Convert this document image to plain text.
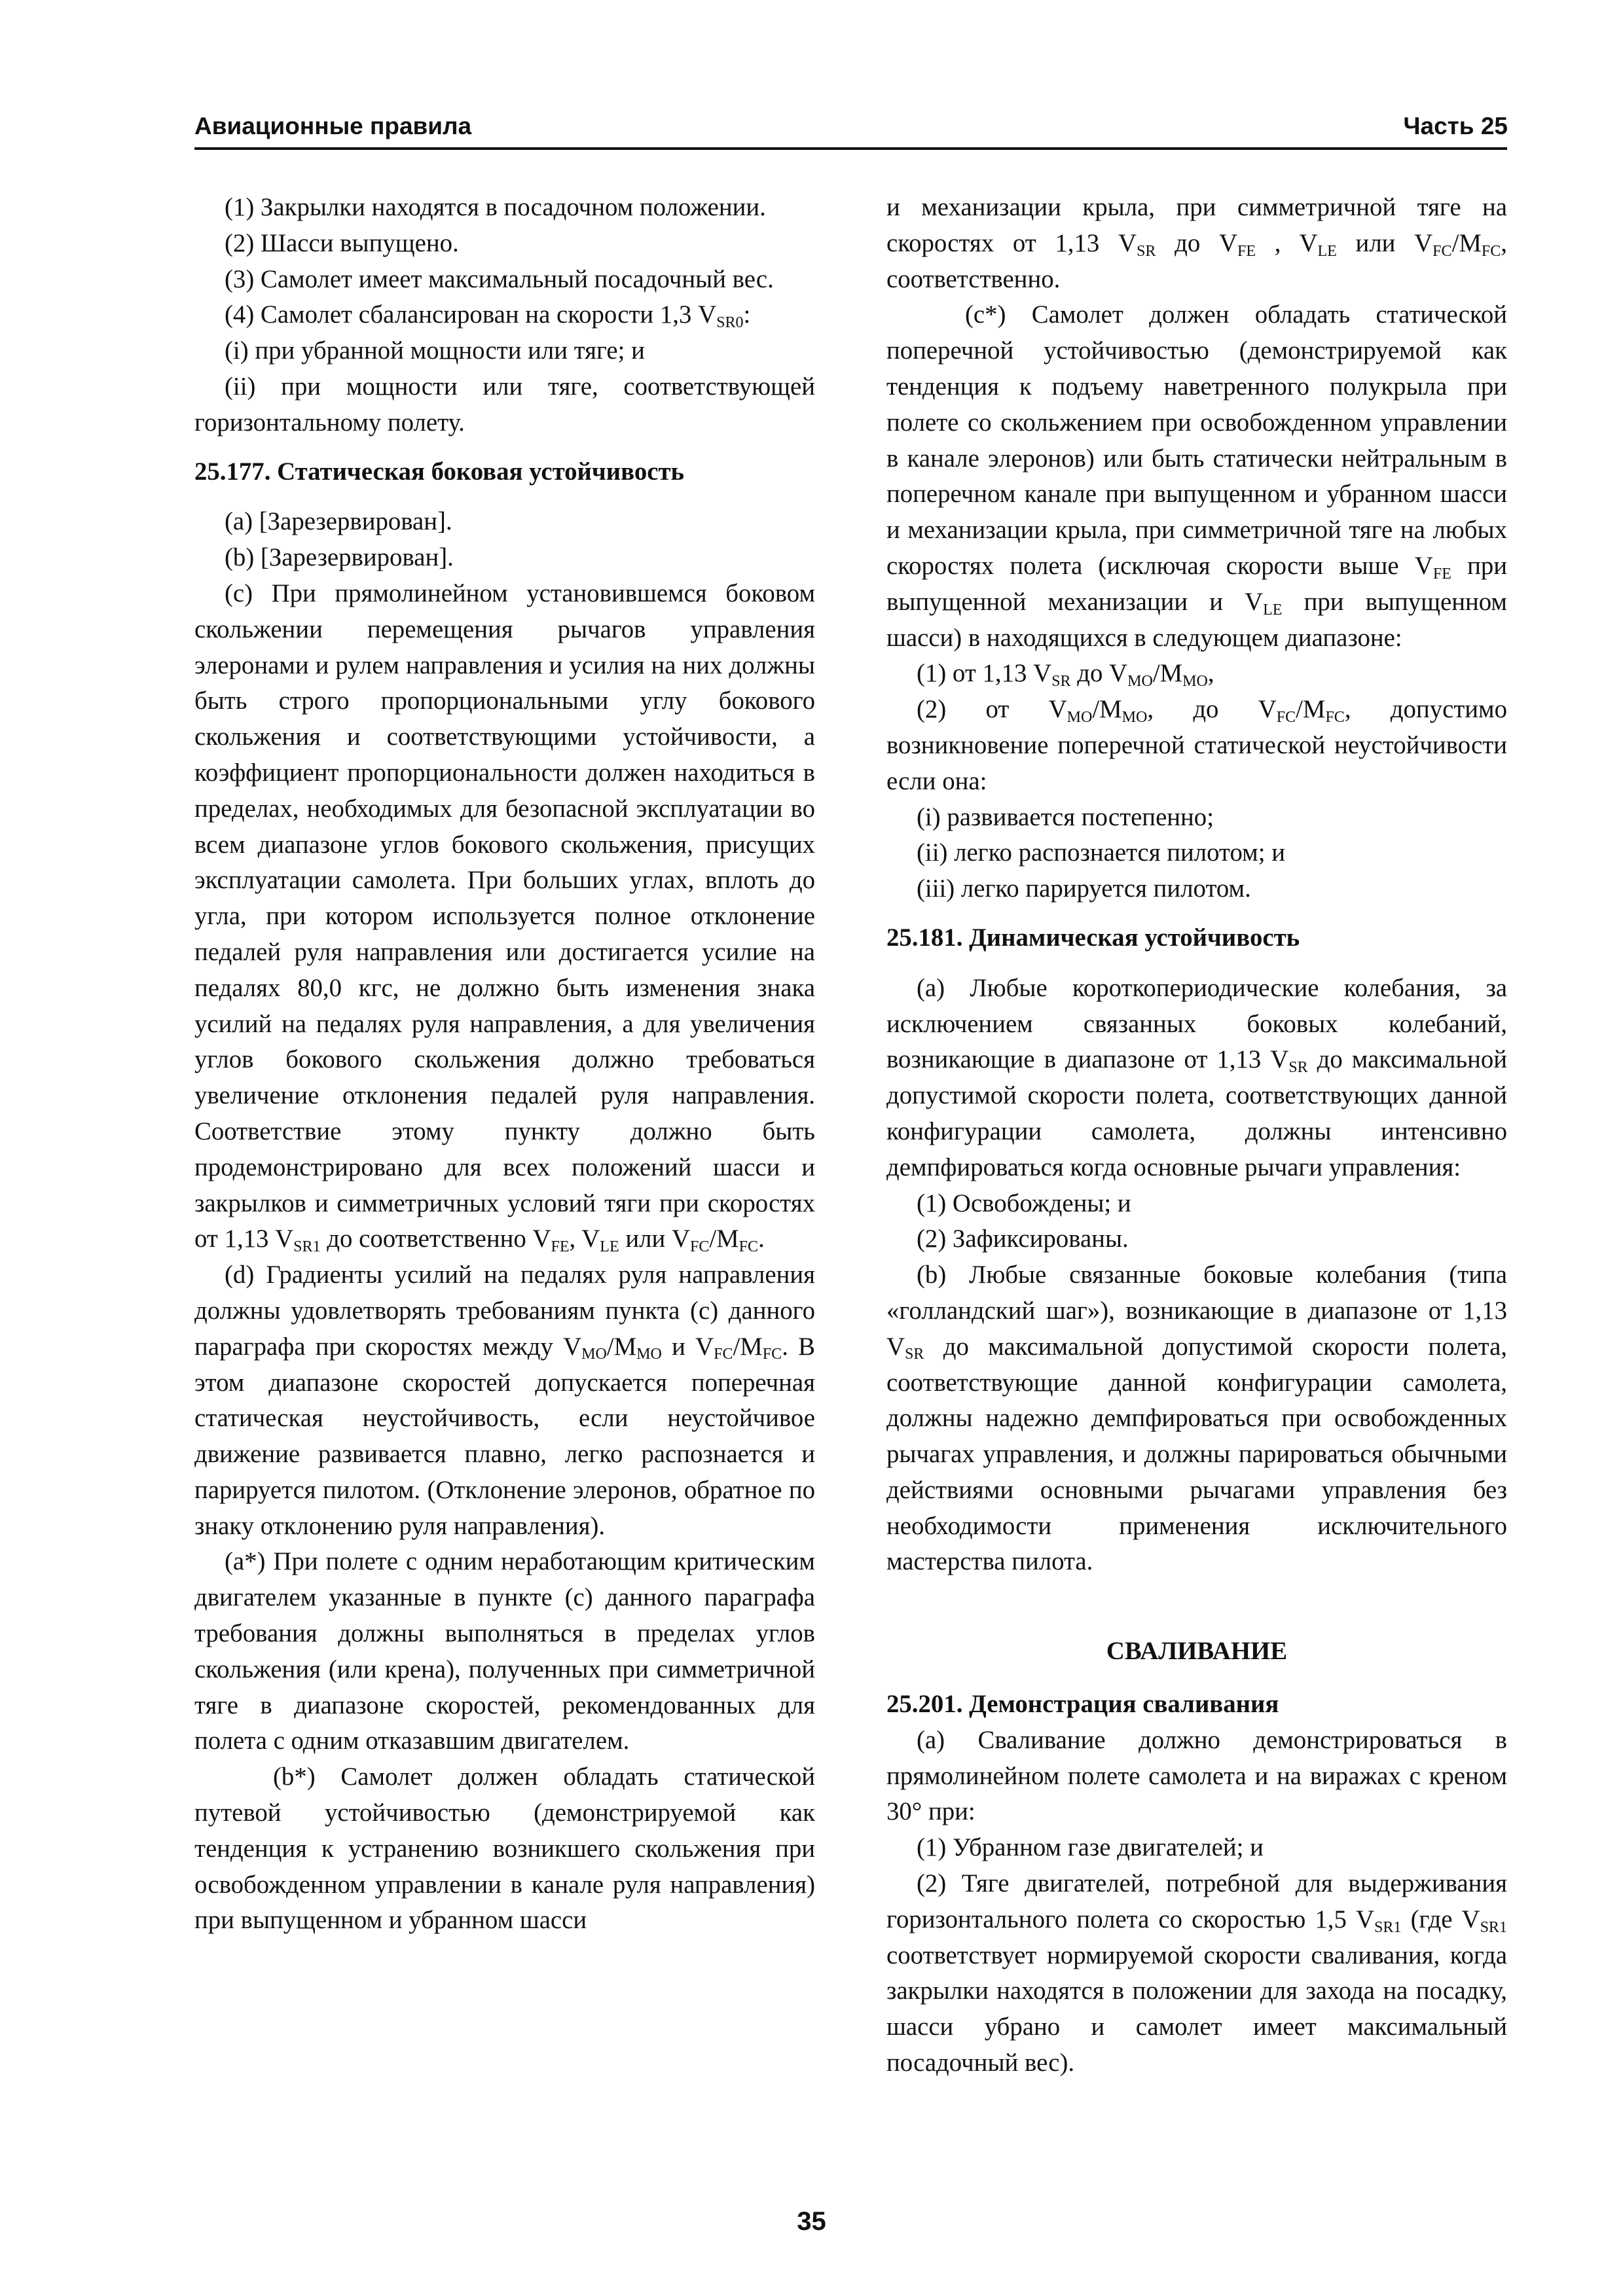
Авиационные правила	Часть 25

(1) Закрылки находятся в посадочном положении.

(2) Шасси выпущено.

(3) Самолет имеет максимальный посадочный вес.

(4) Самолет сбалансирован на скорости 1,3 $V_{SR0}$:

(i) при убранной мощности или тяге; и

(ii) при мощности или тяге, соответствующей горизонтальному полету.

25.177. Статическая боковая устойчивость

(a) [Зарезервирован].

(b) [Зарезервирован].

(c) При прямолинейном установившемся боковом скольжении перемещения рычагов управления элеронами и рулем направления и усилия на них должны быть строго пропорциональными углу бокового скольжения и соответствующими устойчивости, а коэффициент пропорциональности должен находиться в пределах, необходимых для безопасной эксплуатации во всем диапазоне углов бокового скольжения, присущих эксплуатации самолета. При больших углах, вплоть до угла, при котором используется полное отклонение педалей руля направления или достигается усилие на педалях 80,0 кгс, не должно быть изменения знака усилий на педалях руля направления, а для увеличения углов бокового скольжения должно требоваться увеличение отклонения педалей руля направления. Соответствие этому пункту должно быть продемонстрировано для всех положений шасси и закрылков и симметричных условий тяги при скоростях от 1,13 $V_{SR1}$ до соответственно $V_{FE}$, $V_{LE}$ или $V_{FC}/M_{FC}$.

(d) Градиенты усилий на педалях руля направления должны удовлетворять требованиям пункта (c) данного параграфа при скоростях между $V_{MO}/M_{MO}$ и $V_{FC}/M_{FC}$. В этом диапазоне скоростей допускается поперечная статическая неустойчивость, если неустойчивое движение развивается плавно, легко распознается и парируется пилотом. (Отклонение элеронов, обратное по знаку отклонению руля направления).

(a*) При полете с одним неработающим критическим двигателем указанные в пункте (c) данного параграфа требования должны выполняться в пределах углов скольжения (или крена), полученных при симметричной тяге в диапазоне скоростей, рекомендованных для полета с одним отказавшим двигателем.

(b*) Самолет должен обладать статической путевой устойчивостью (демонстрируемой как тенденция к устранению возникшего скольжения при освобожденном управлении в канале руля направления) при выпущенном и убранном шасси

и механизации крыла, при симметричной тяге на скоростях от 1,13 $V_{SR}$ до $V_{FE}$ , $V_{LE}$ или $V_{FC}/M_{FC}$, соответственно.

(c*) Самолет должен обладать статической поперечной устойчивостью (демонстрируемой как тенденция к подъему наветренного полукрыла при полете со скольжением при освобожденном управлении в канале элеронов) или быть статически нейтральным в поперечном канале при выпущенном и убранном шасси и механизации крыла, при симметричной тяге на любых скоростях полета (исключая скорости выше $V_{FE}$ при выпущенной механизации и $V_{LE}$ при выпущенном шасси) в находящихся в следующем диапазоне:

(1) от 1,13 $V_{SR}$ до $V_{MO}/M_{MO}$,

(2) от $V_{MO}/M_{MO}$, до $V_{FC}/M_{FC}$, допустимо возникновение поперечной статической неустойчивости если она:

(i) развивается постепенно;

(ii) легко распознается пилотом; и

(iii) легко парируется пилотом.

25.181. Динамическая устойчивость

(a) Любые короткопериодические колебания, за исключением связанных боковых колебаний, возникающие в диапазоне от 1,13 $V_{SR}$ до максимальной допустимой скорости полета, соответствующих данной конфигурации самолета, должны интенсивно демпфироваться когда основные рычаги управления:

(1) Освобождены; и

(2) Зафиксированы.

(b) Любые связанные боковые колебания (типа «голландский шаг»), возникающие в диапазоне от 1,13 $V_{SR}$ до максимальной допустимой скорости полета, соответствующие данной конфигурации самолета, должны надежно демпфироваться при освобожденных рычагах управления, и должны парироваться обычными действиями основными рычагами управления без необходимости применения исключительного мастерства пилота.

СВАЛИВАНИЕ

25.201. Демонстрация сваливания

(a) Сваливание должно демонстрироваться в прямолинейном полете самолета и на виражах с креном 30° при:

(1) Убранном газе двигателей; и

(2) Тяге двигателей, потребной для выдерживания горизонтального полета со скоростью 1,5 $V_{SR1}$ (где $V_{SR1}$ соответствует нормируемой скорости сваливания, когда закрылки находятся в положении для захода на посадку, шасси убрано и самолет имеет максимальный посадочный вес).

35
